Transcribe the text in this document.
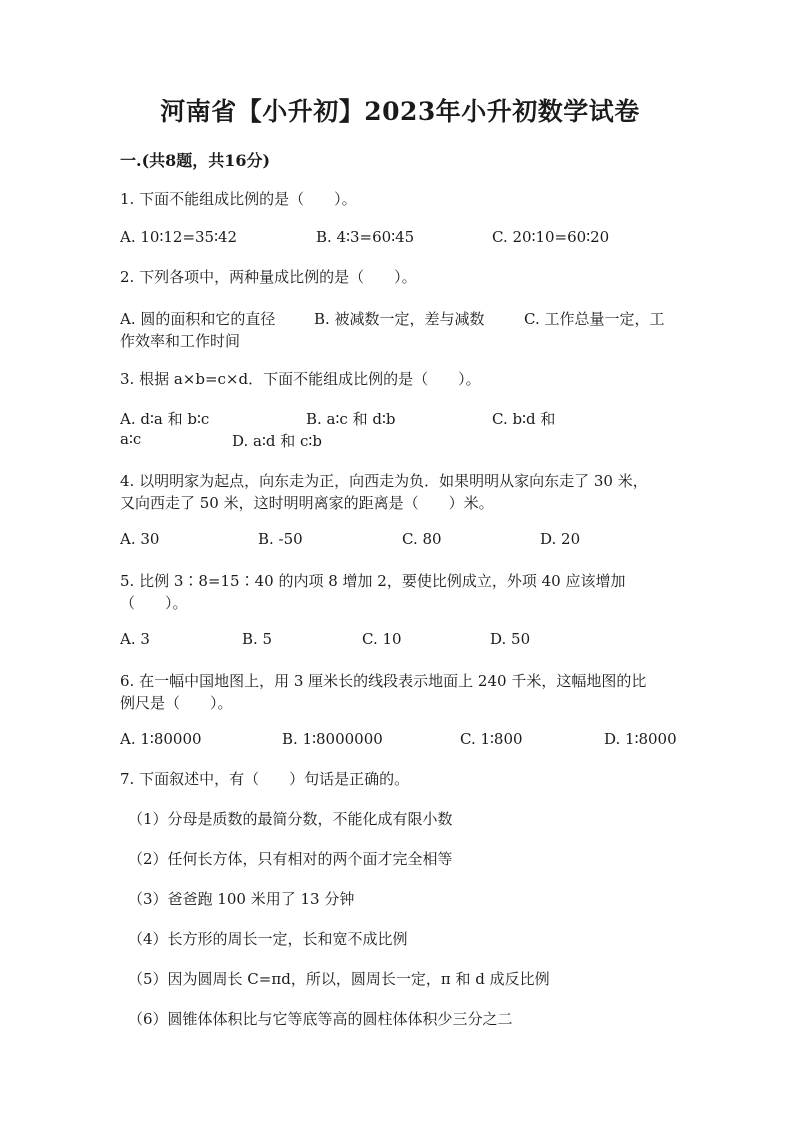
河南省【小升初】2023年小升初数学试卷
一.(共8题，共16分)
1. 下面不能组成比例的是（　　）。
A. 10∶12=35∶42	B. 4∶3=60∶45	C. 20∶10=60∶20
2. 下列各项中，两种量成比例的是（　　）。
A. 圆的面积和它的直径	B. 被减数一定，差与减数	C. 工作总量一定，工
作效率和工作时间
3. 根据 a×b=c×d．下面不能组成比例的是（　　）。
A. d∶a 和 b∶c	B. a∶c 和 d∶b	C. b∶d 和
a∶c	D. a∶d 和 c∶b
4. 以明明家为起点，向东走为正，向西走为负．如果明明从家向东走了 30 米，
又向西走了 50 米，这时明明离家的距离是（　　）米。
A. 30	B. -50	C. 80	D. 20
5. 比例 3∶8=15∶40 的内项 8 增加 2，要使比例成立，外项 40 应该增加
（　　）。
A. 3	B. 5	C. 10	D. 50
6. 在一幅中国地图上，用 3 厘米长的线段表示地面上 240 千米，这幅地图的比
例尺是（　　）。
A. 1∶80000	B. 1∶8000000	C. 1∶800	D. 1∶8000
7. 下面叙述中，有（　　）句话是正确的。
（1）分母是质数的最简分数，不能化成有限小数
（2）任何长方体，只有相对的两个面才完全相等
（3）爸爸跑 100 米用了 13 分钟
（4）长方形的周长一定，长和宽不成比例
（5）因为圆周长 C=πd，所以，圆周长一定，π 和 d 成反比例
（6）圆锥体体积比与它等底等高的圆柱体体积少三分之二
